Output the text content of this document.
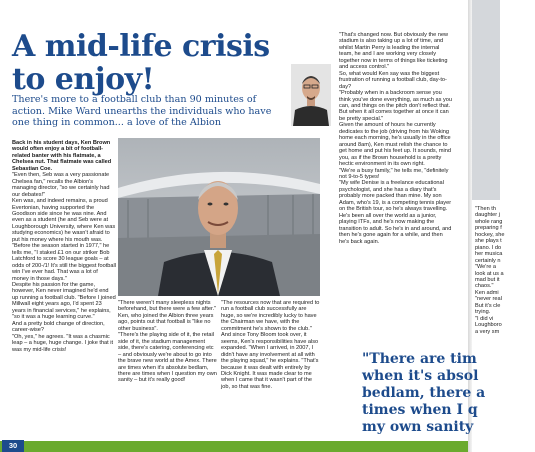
A mid-life crisis
to enjoy!

There's more to a football club than 90 minutes of action. Mike Ward unearths the individuals who have one thing in common... a love of the Albion

Back in his student days, Ken Brown would often enjoy a bit of football-related banter with his flatmate, a Chelsea nut. That flatmate was called Sebastian Coe.

"Even then, Seb was a very passionate Chelsea fan," recalls the Albion's managing director, "so we certainly had our debates!"

Ken was, and indeed remains, a proud Evertonian, having supported the Goodison side since he was nine. And even as a student (he and Seb were at Loughborough University, where Ken was studying economics) he wasn't afraid to put his money where his mouth was.

"Before the season started in 1977," he tells me, "I staked £1 on our striker Bob Latchford to score 30 league goals – at odds of 200-/1! It's still the biggest football win I've ever had. That was a lot of money in those days."

Despite his passion for the game, however, Ken never imagined he'd end up running a football club. "Before I joined Millwall eight years ago, I'd spent 23 years in financial services," he explains, "so it was a huge learning curve."

And a pretty bold change of direction, career-wise?

"Oh, yes," he agrees. "It was a chasmic leap – a huge, huge change. I joke that it was my mid-life crisis!

"There weren't many sleepless nights beforehand, but there were a few after."

Ken, who joined the Albion three years ago, points out that football is "like no other business".

"There's the playing side of it, the retail side of it, the stadium management side, there's catering, conferencing etc – and obviously we're about to go into the brave new world at the Amex. There are times when it's absolute bedlam, there are times when I question my own sanity – but it's really good!

"The resources now that are required to run a football club successfully are huge, so we're incredibly lucky to have the Chairman we have, with the commitment he's shown to the club."

And since Tony Bloom took over, it seems, Ken's responsibilities have also expanded. "When I arrived, in 2007, I didn't have any involvement at all with the playing squad," he explains. "That's because it was dealt with entirely by Dick Knight. It was made clear to me when I came that it wasn't part of the job, so that was fine.

"That's changed now. But obviously the new stadium is also taking up a lot of time, and whilst Martin Perry is leading the internal team, he and I are working very closely together now in terms of things like ticketing and access control."

So, what would Ken say was the biggest frustration of running a football club, day-to-day?

"Probably when in a backroom sense you think you've done everything, as much as you can, and things on the pitch don't reflect that. But when it all comes together at once it can be pretty special."

Given the amount of hours he currently dedicates to the job (driving from his Woking home each morning, he's usually in the office around 8am), Ken must relish the chance to get home and put his feet up. It sounds, mind you, as if the Brown household is a pretty hectic environment in its own right.

"We're a busy family," he tells me, "definitely not 9-to-5 types!

"My wife Denise is a freelance educational psychologist, and she has a diary that's probably more packed than mine. My son Adam, who's 19, is a competing tennis player on the British tour, so he's always travelling. He's been all over the world as a junior, playing ITFs, and he's now making the transition to adult. So he's in and around, and then he's gone again for a while, and then he's back again.

30

"Then th

daughter j

whole rang

preparing f

hockey, she

she plays t

piano. I do

her musica

certainly n

"We're a

look at us a

mad but it

chaos."

Ken admi

"never real

But it's cle

trying.

"I did vi

Loughboro

a very sm

"There are tim
when it's absol
bedlam, there a
times when I q
my own sanity
